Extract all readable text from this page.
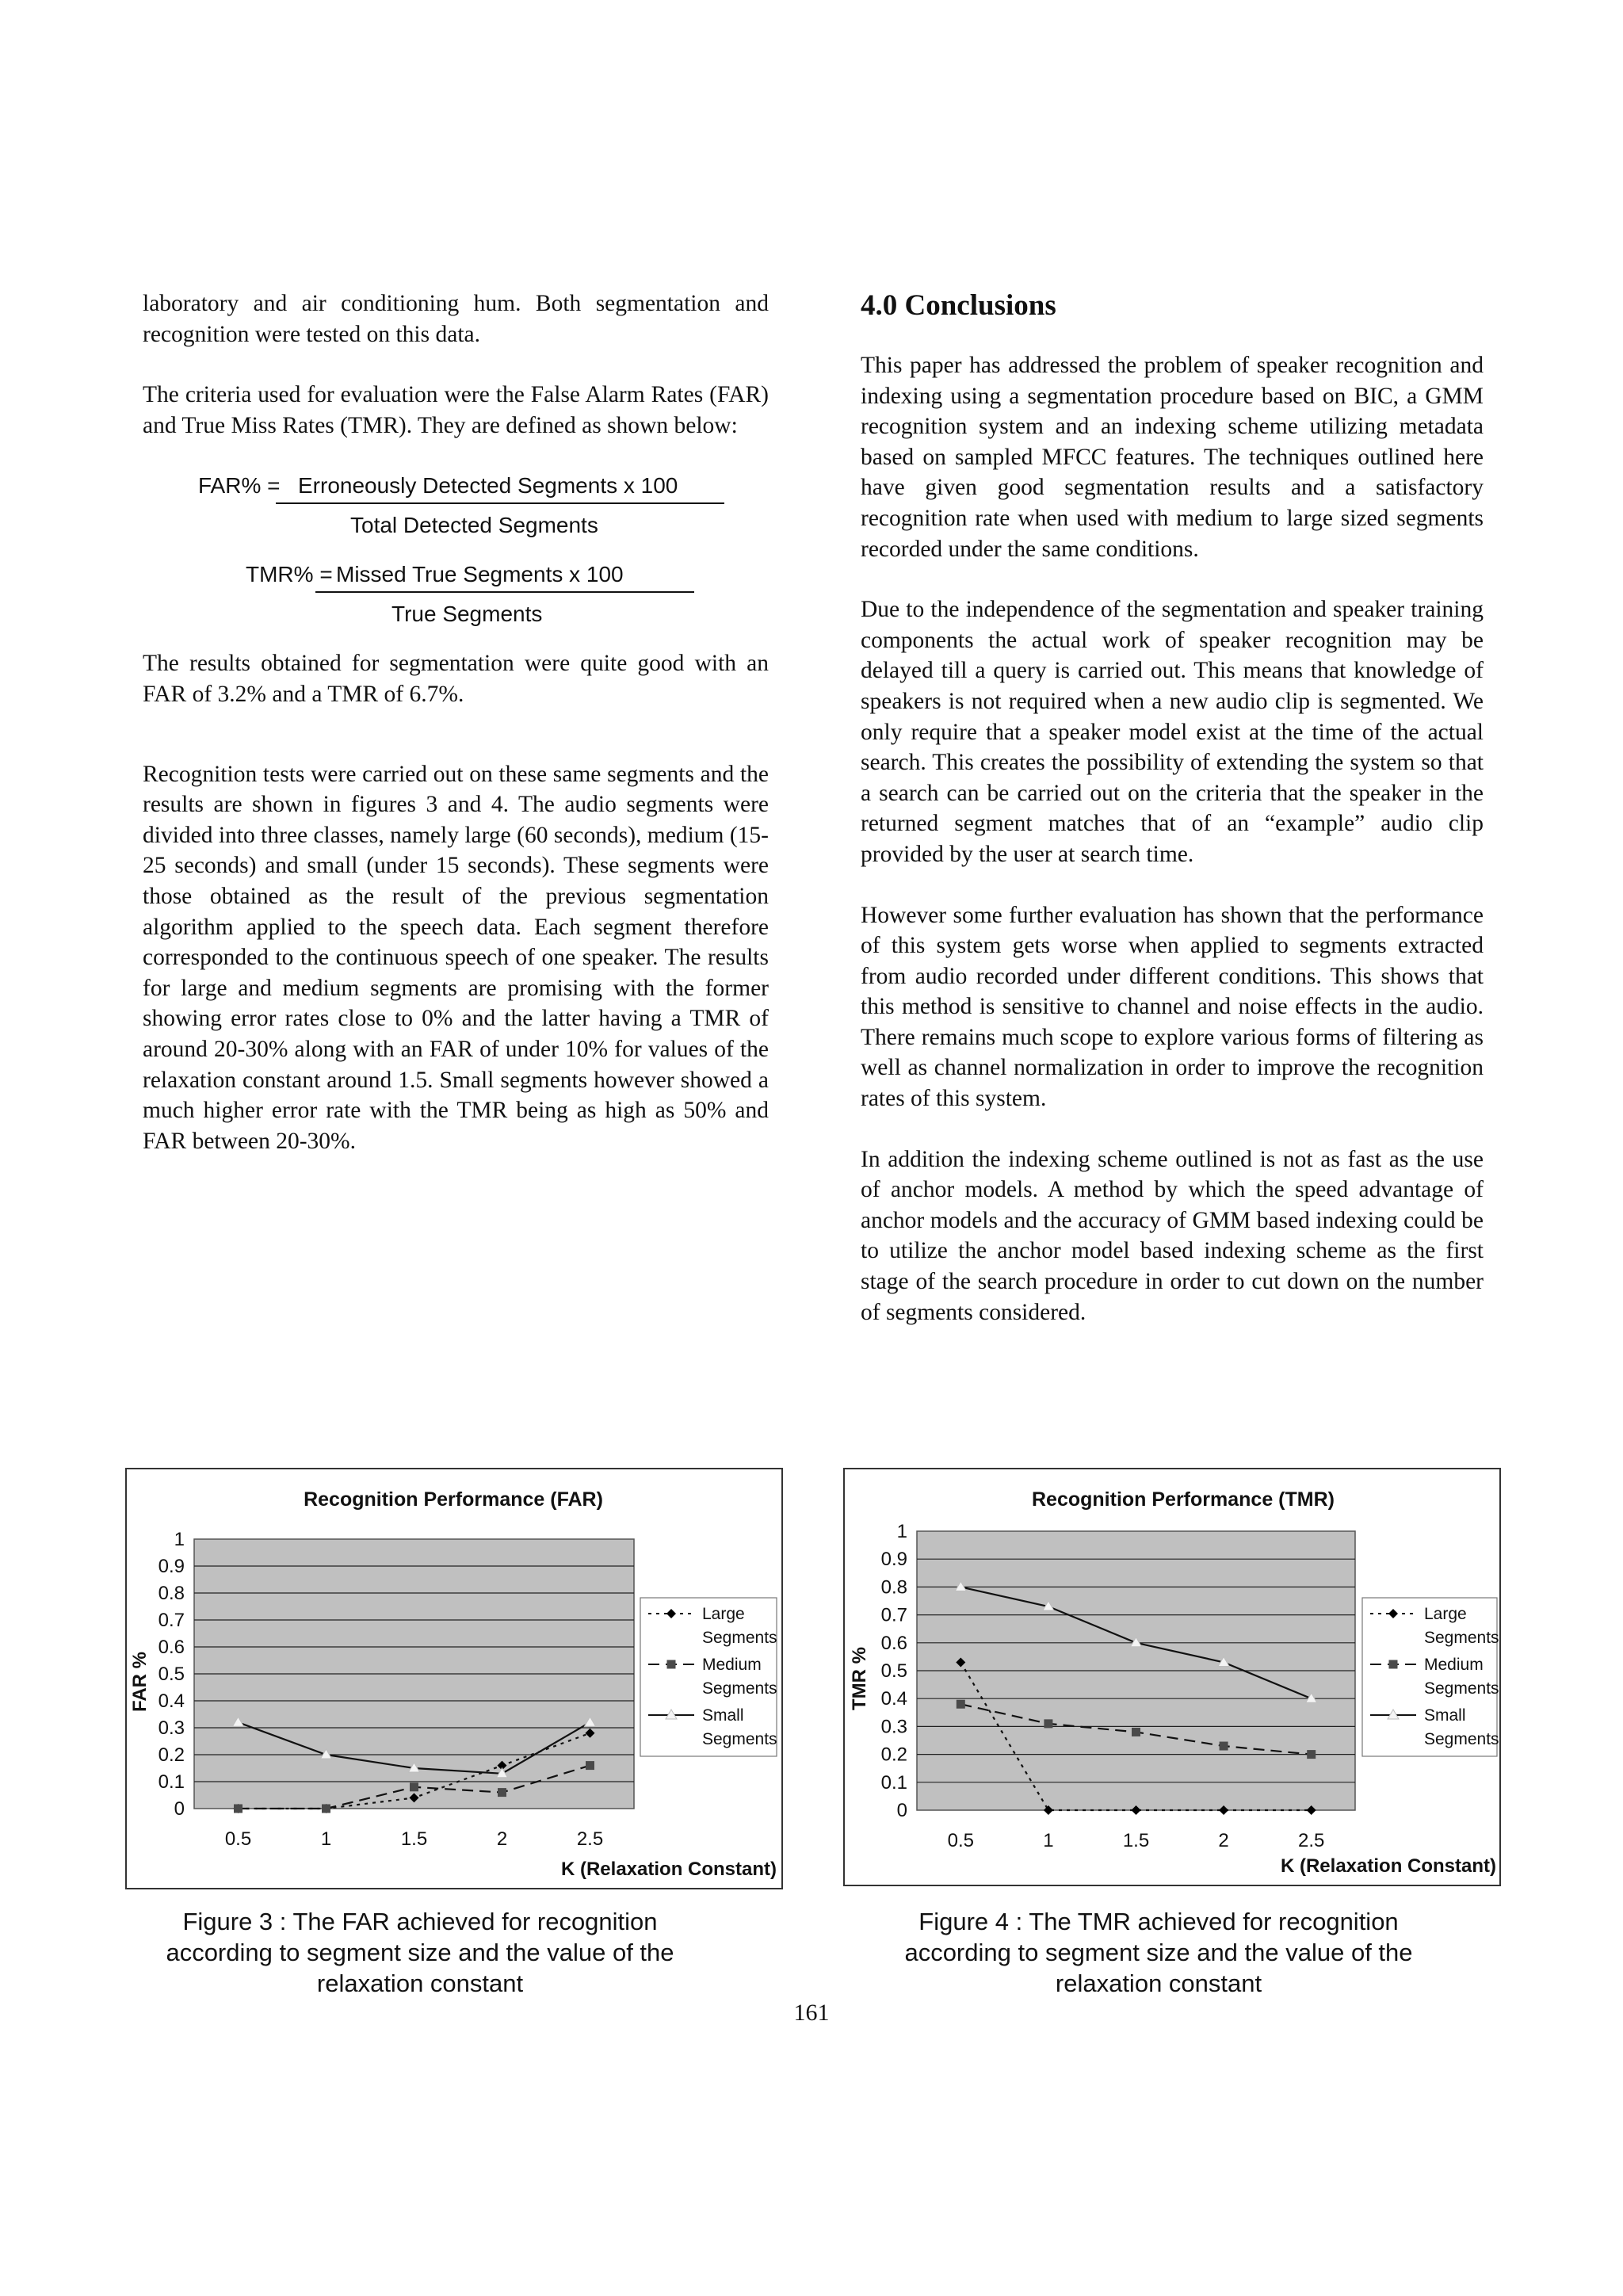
laboratory and air conditioning hum. Both segmentation and recognition were tested on this data.

The criteria used for evaluation were the False Alarm Rates (FAR) and True Miss Rates (TMR). They are defined as shown below:

FAR% = Erroneously Detected Segments x 100
Total Detected Segments
TMR% = Missed True Segments x 100
True Segments

The results obtained for segmentation were quite good with an FAR of 3.2% and a TMR of 6.7%.

Recognition tests were carried out on these same segments and the results are shown in figures 3 and 4. The audio segments were divided into three classes, namely large (60 seconds), medium (15-25 seconds) and small (under 15 seconds). These segments were those obtained as the result of the previous segmentation algorithm applied to the speech data. Each segment therefore corresponded to the continuous speech of one speaker. The results for large and medium segments are promising with the former showing error rates close to 0% and the latter having a TMR of around 20-30% along with an FAR of under 10% for values of the relaxation constant around 1.5. Small segments however showed a much higher error rate with the TMR being as high as 50% and FAR between 20-30%.

4.0 Conclusions

This paper has addressed the problem of speaker recognition and indexing using a segmentation procedure based on BIC, a GMM recognition system and an indexing scheme utilizing metadata based on sampled MFCC features. The techniques outlined here have given good segmentation results and a satisfactory recognition rate when used with medium to large sized segments recorded under the same conditions.

Due to the independence of the segmentation and speaker training components the actual work of speaker recognition may be delayed till a query is carried out. This means that knowledge of speakers is not required when a new audio clip is segmented. We only require that a speaker model exist at the time of the actual search. This creates the possibility of extending the system so that a search can be carried out on the criteria that the speaker in the returned segment matches that of an “example” audio clip provided by the user at search time.

However some further evaluation has shown that the performance of this system gets worse when applied to segments extracted from audio recorded under different conditions. This shows that this method is sensitive to channel and noise effects in the audio. There remains much scope to explore various forms of filtering as well as channel normalization in order to improve the recognition rates of this system.

In addition the indexing scheme outlined is not as fast as the use of anchor models. A method by which the speed advantage of anchor models and the accuracy of GMM based indexing could be to utilize the anchor model based indexing scheme as the first stage of the search procedure in order to cut down on the number of segments considered.

Recognition Performance (FAR)
0
0.1
0.2
0.3
0.4
0.5
0.6
0.7
0.8
0.9
1
0.5	1	1.5	2	2.5
K (Relaxation Constant)
FAR %
Large
Segments
Medium
Segments
Small
Segments
Recognition Performance (TMR)
0
0.1
0.2
0.3
0.4
0.5
0.6
0.7
0.8
0.9
1
0.5	1	1.5	2	2.5
K (Relaxation Constant)
TMR %
Large
Segments
Medium
Segments
Small
Segments
Figure 3 : The FAR achieved for recognition
according to segment size and the value of the
relaxation constant
Figure 4 : The TMR achieved for recognition
according to segment size and the value of the
relaxation constant
161
